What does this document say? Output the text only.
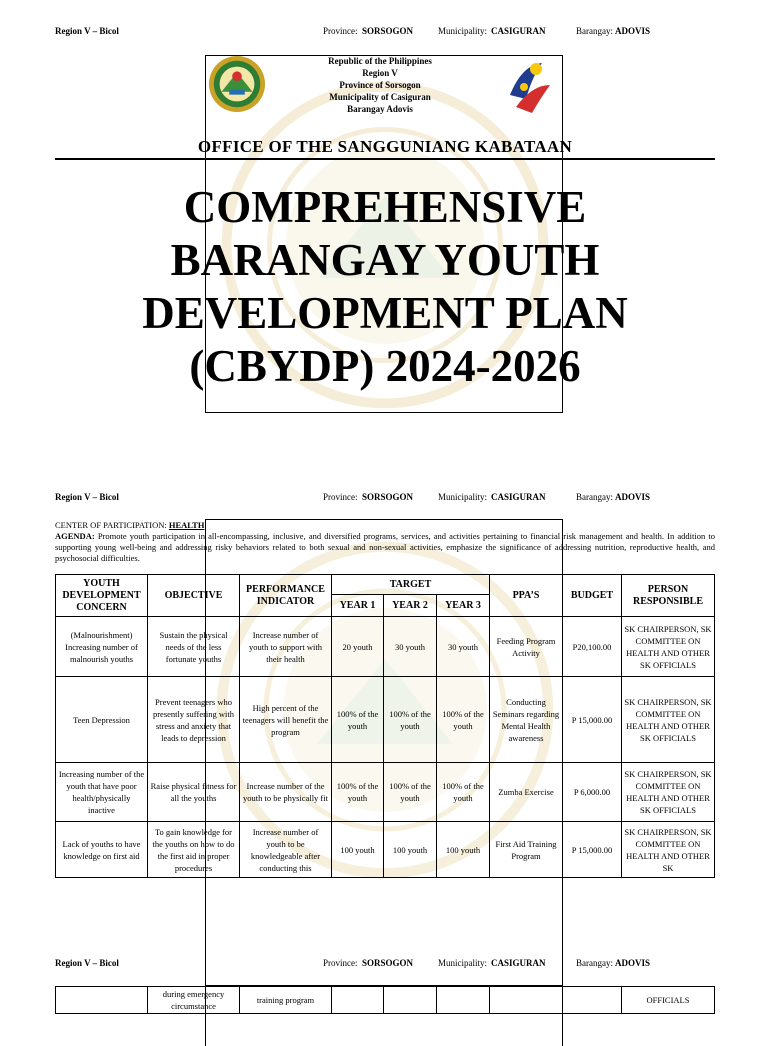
Region V – Bicol	Province: SORSOGON	Municipality: CASIGURAN	Barangay: ADOVIS
Republic of the Philippines
Region V
Province of Sorsogon
Municipality of Casiguran
Barangay Adovis
OFFICE OF THE SANGGUNIANG KABATAAN
COMPREHENSIVE
BARANGAY YOUTH
DEVELOPMENT PLAN
(CBYDP) 2024-2026
Region V – Bicol	Province: SORSOGON	Municipality: CASIGURAN	Barangay: ADOVIS
CENTER OF PARTICIPATION: HEALTH
AGENDA: Promote youth participation in all-encompassing, inclusive, and diversified programs, services, and activities pertaining to financial risk management and health. In addition to supporting young well-being and addressing risky behaviors related to both sexual and non-sexual activities, emphasize the significance of addressing nutrition, reproductive health, and psychosocial difficulties.
YOUTH DEVELOPMENT CONCERN	OBJECTIVE	PERFORMANCE INDICATOR	TARGET			PPA’S	BUDGET	PERSON RESPONSIBLE
			YEAR 1	YEAR 2	YEAR 3			
(Malnourishment) Increasing number of malnourish youths	Sustain the physical needs of the less fortunate youths	Increase number of youth to support with their health	20 youth	30 youth	30 youth	Feeding Program Activity	P20,100.00	SK CHAIRPERSON, SK COMMITTEE ON HEALTH AND OTHER SK OFFICIALS
Teen Depression	Prevent teenagers who presently suffering with stress and anxiety that leads to depression	High percent of the teenagers will benefit the program	100% of the youth	100% of the youth	100% of the youth	Conducting Seminars regarding Mental Health awareness	P 15,000.00	SK CHAIRPERSON, SK COMMITTEE ON HEALTH AND OTHER SK OFFICIALS
Increasing number of the youth that have poor health/physically inactive	Raise physical fitness for all the youths	Increase number of the youth to be physically fit	100% of the youth	100% of the youth	100% of the youth	Zumba Exercise	P 6,000.00	SK CHAIRPERSON, SK COMMITTEE ON HEALTH AND OTHER SK OFFICIALS
Lack of youths to have knowledge on first aid	To gain knowledge for the youths on how to do the first aid in proper procedures	Increase number of youth to be knowledgeable after conducting this	100 youth	100 youth	100 youth	First Aid Training Program	P 15,000.00	SK CHAIRPERSON, SK COMMITTEE ON HEALTH AND OTHER SK
Region V – Bicol	Province: SORSOGON	Municipality: CASIGURAN	Barangay: ADOVIS
	during emergency circumstance	training program						OFFICIALS
